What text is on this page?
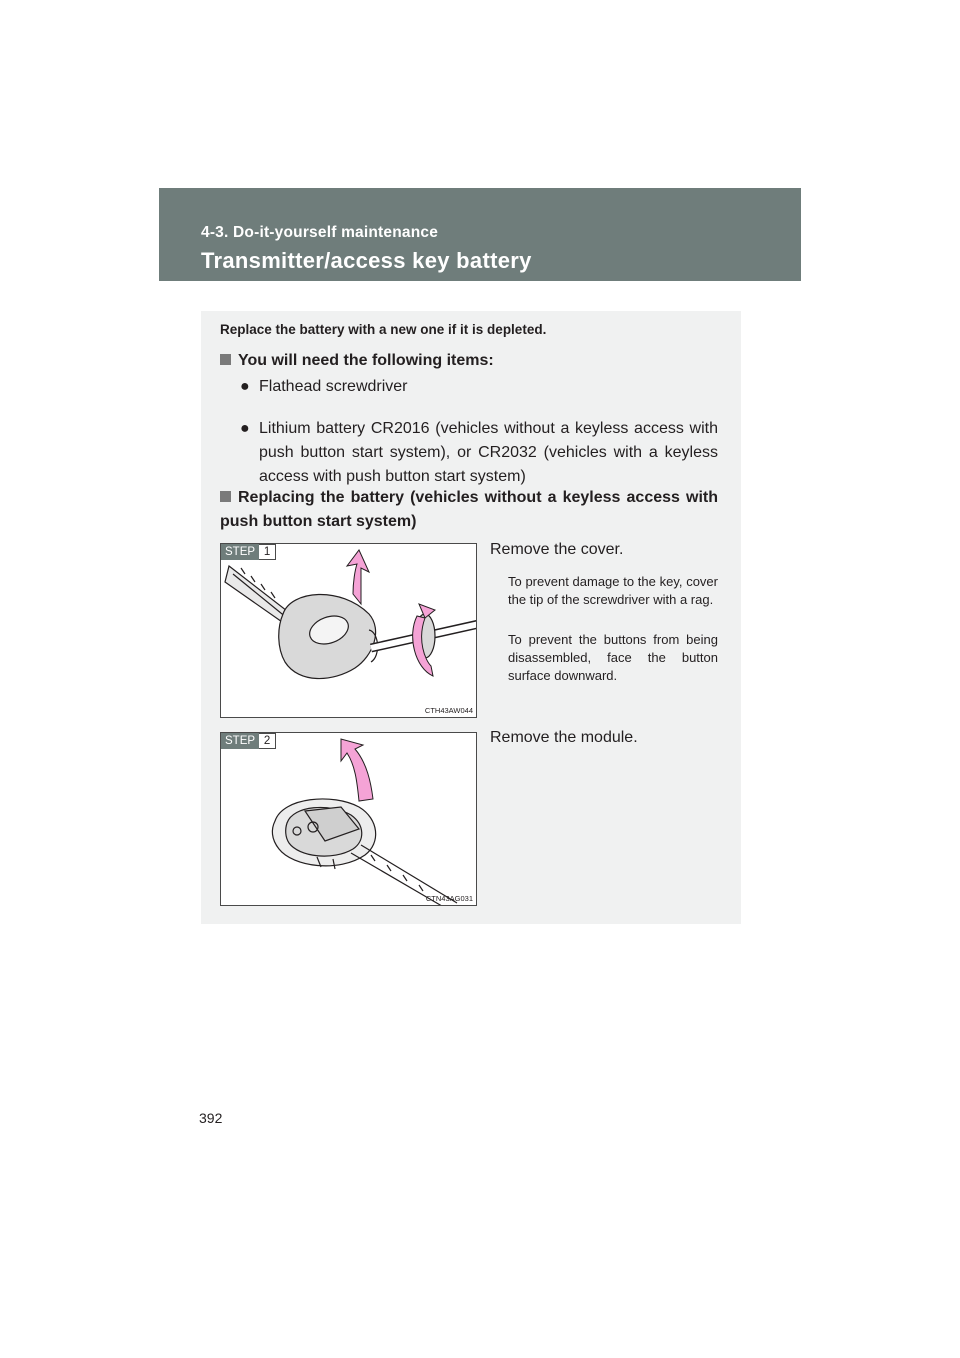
4-3. Do-it-yourself maintenance
Transmitter/access key battery
Replace the battery with a new one if it is depleted.
You will need the following items:
● Flathead screwdriver
● Lithium battery CR2016 (vehicles without a keyless access with push button start system), or CR2032 (vehicles with a keyless access with push button start system)
Replacing the battery (vehicles without a keyless access with push button start system)
STEP 1
CTH43AW044
Remove the cover.
To prevent damage to the key, cover the tip of the screwdriver with a rag.
To prevent the buttons from being disassembled, face the button surface downward.
STEP 2
CTN43AG031
Remove the module.
392
